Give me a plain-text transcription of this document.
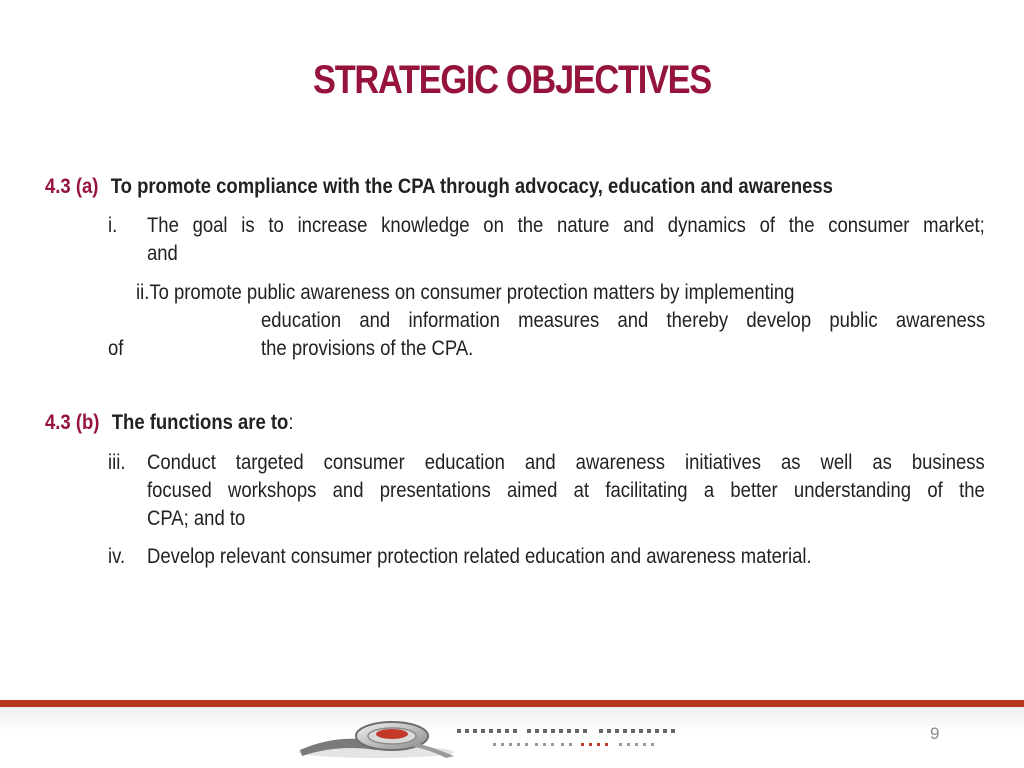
STRATEGIC OBJECTIVES
4.3 (a) To promote compliance with the CPA through advocacy, education and awareness
i. The goal is to increase knowledge on the nature and dynamics of the consumer market;
and
ii.To promote public awareness on consumer protection matters by implementing
education and information measures and thereby develop public awareness
the provisions of the CPA.
of
4.3 (b) The functions are to:
iii. Conduct targeted consumer education and awareness initiatives as well as business
focused workshops and presentations aimed at facilitating a better understanding of the
CPA; and to
iv. Develop relevant consumer protection related education and awareness material.
9
